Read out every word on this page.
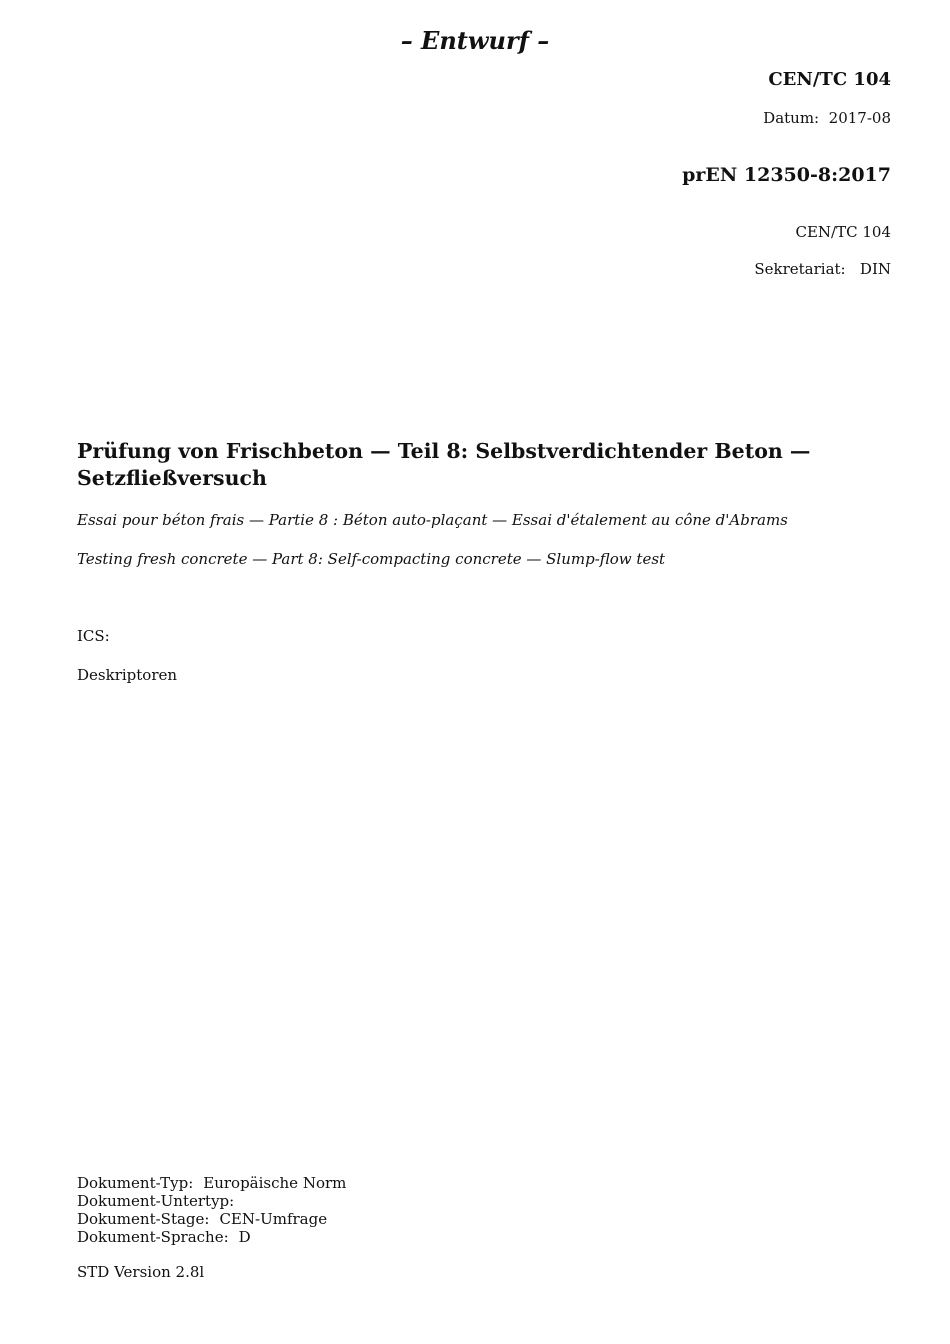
– Entwurf –

CEN/TC 104

Datum: 2017-08

prEN 12350-8:2017

CEN/TC 104

Sekretariat: DIN

Prüfung von Frischbeton — Teil 8: Selbstverdichtender Beton —
Setzfließversuch

Essai pour béton frais — Partie 8 : Béton auto-plaçant — Essai d'étalement au cône d'Abrams

Testing fresh concrete — Part 8: Self-compacting concrete — Slump-flow test

ICS:

Deskriptoren

Dokument-Typ: Europäische Norm
Dokument-Untertyp:
Dokument-Stage: CEN-Umfrage
Dokument-Sprache: D

STD Version 2.8l
